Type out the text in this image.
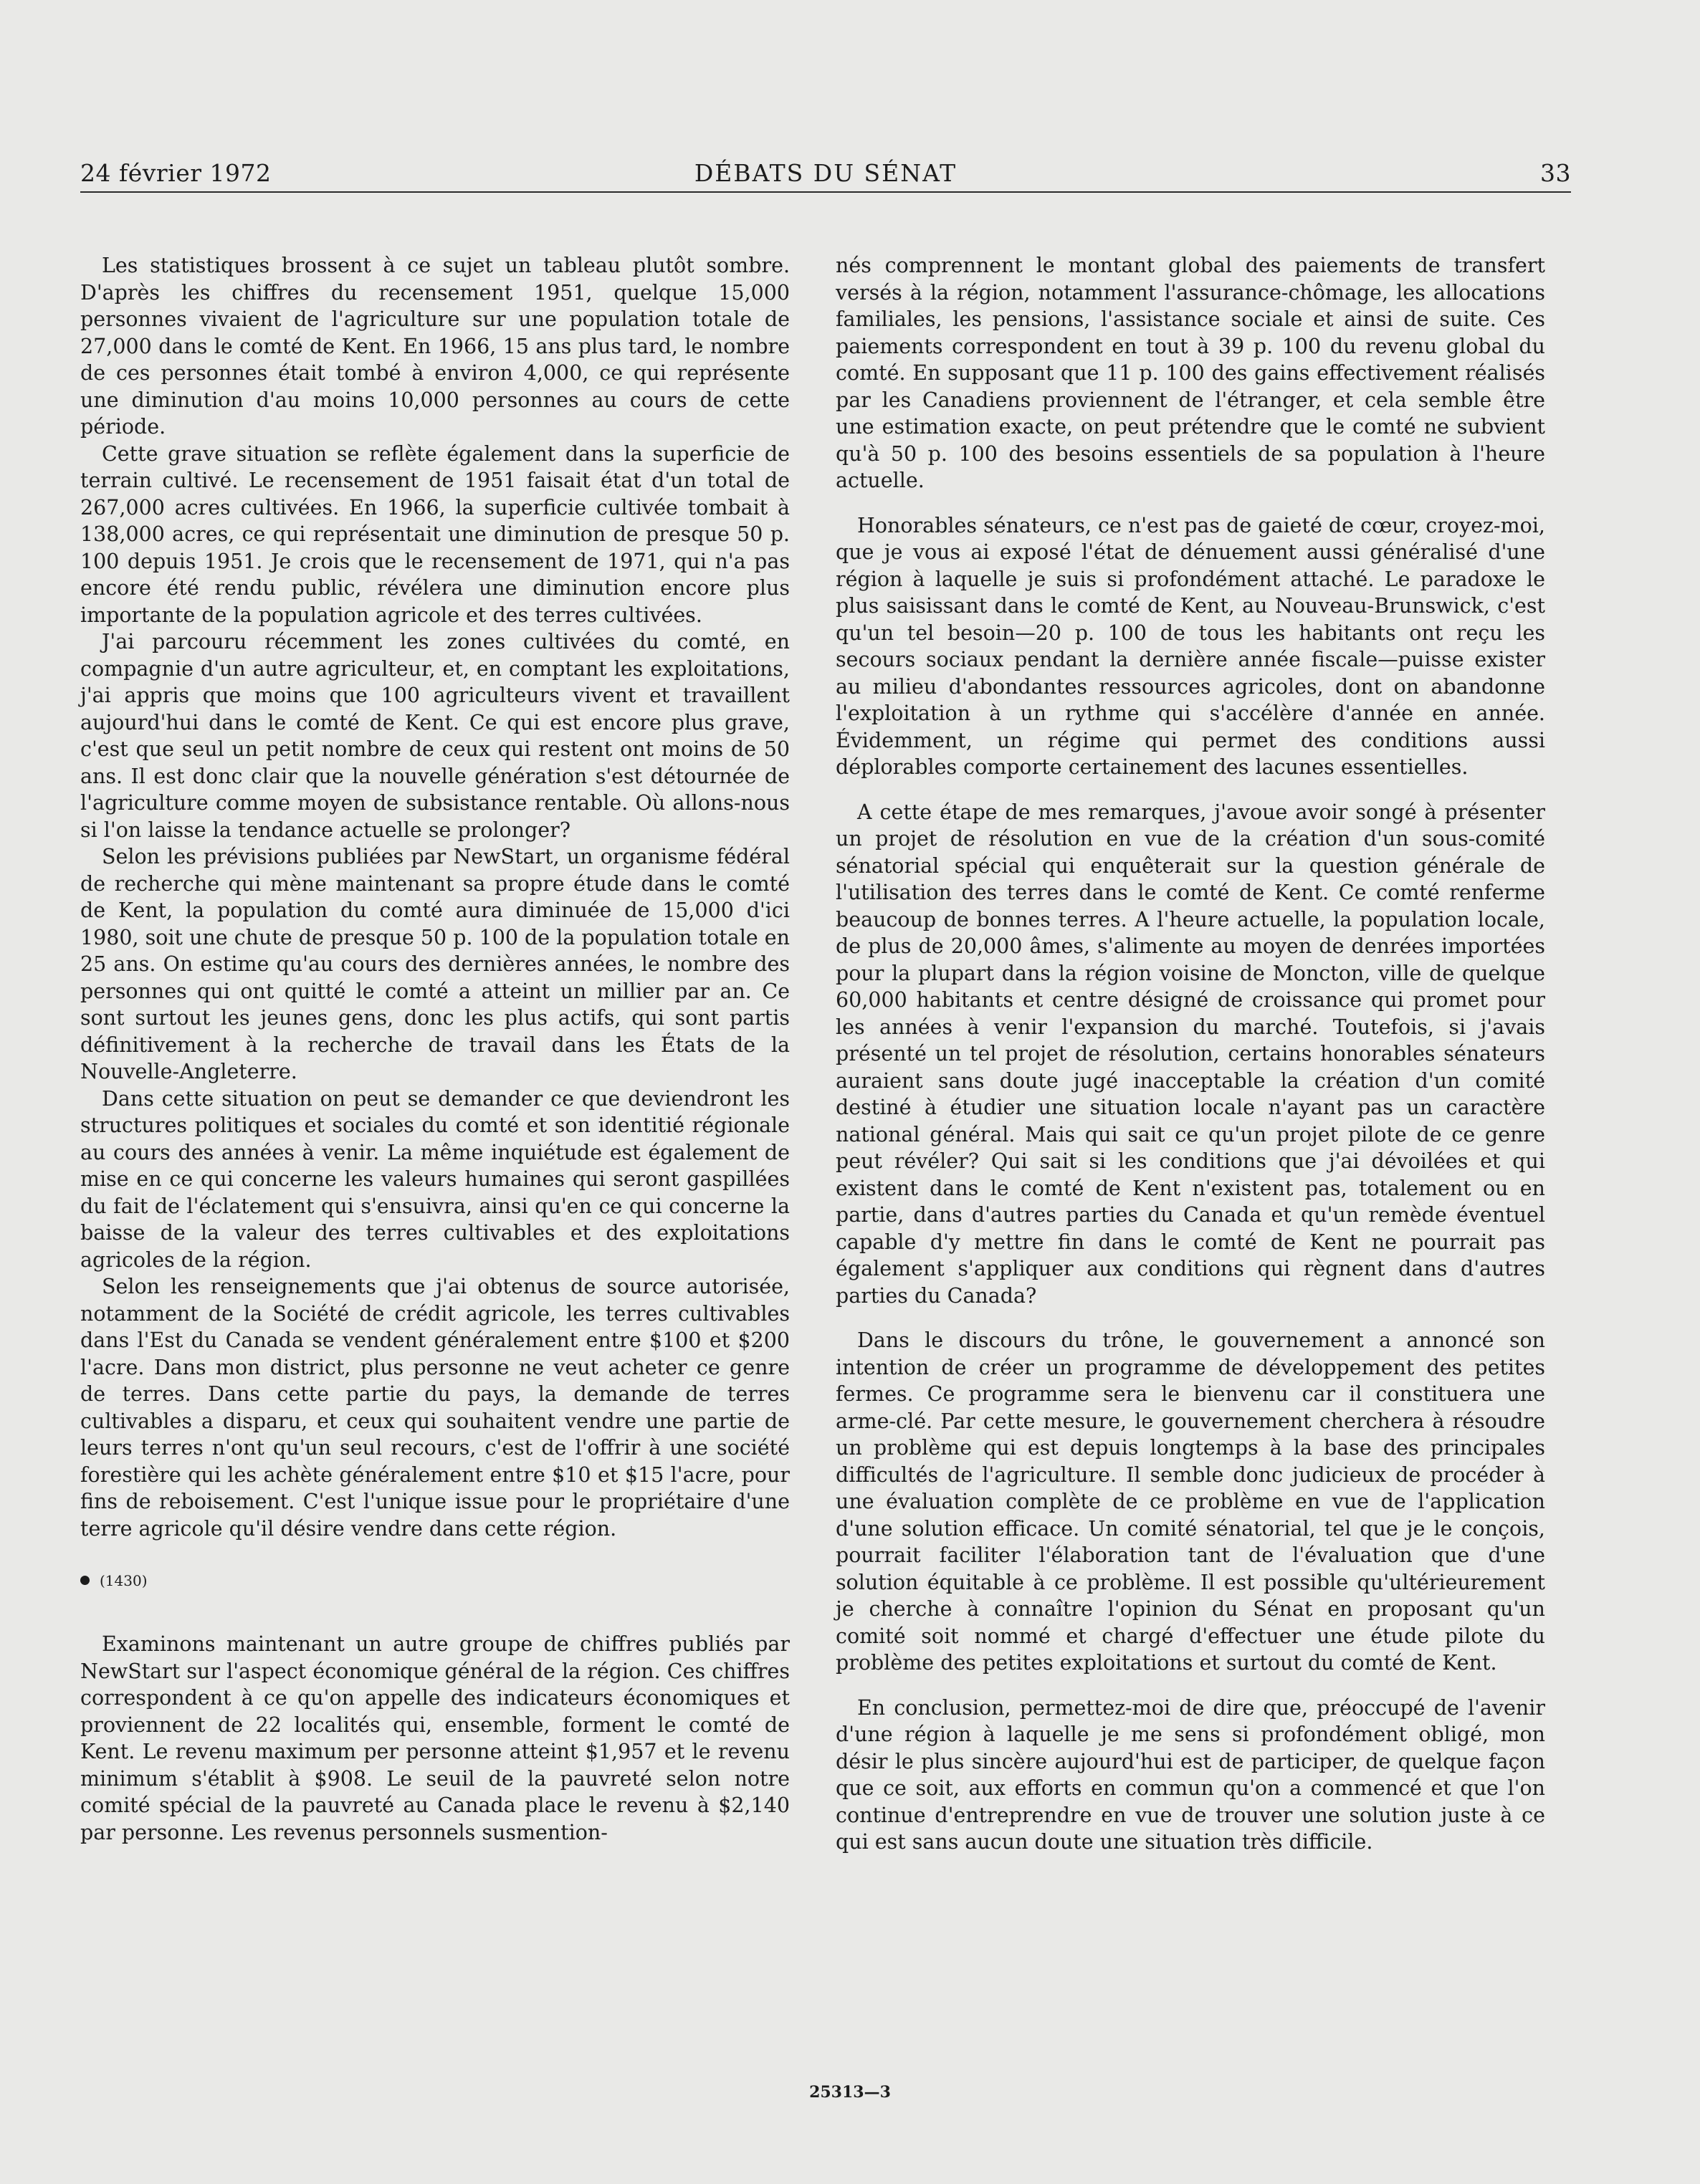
24 février 1972	DÉBATS DU SÉNAT	33

Les statistiques brossent à ce sujet un tableau plutôt sombre. D'après les chiffres du recensement 1951, quelque 15,000 personnes vivaient de l'agriculture sur une population totale de 27,000 dans le comté de Kent. En 1966, 15 ans plus tard, le nombre de ces personnes était tombé à environ 4,000, ce qui représente une diminution d'au moins 10,000 personnes au cours de cette période.

Cette grave situation se reflète également dans la superficie de terrain cultivé. Le recensement de 1951 faisait état d'un total de 267,000 acres cultivées. En 1966, la superficie cultivée tombait à 138,000 acres, ce qui représentait une diminution de presque 50 p. 100 depuis 1951. Je crois que le recensement de 1971, qui n'a pas encore été rendu public, révélera une diminution encore plus importante de la population agricole et des terres cultivées.

J'ai parcouru récemment les zones cultivées du comté, en compagnie d'un autre agriculteur, et, en comptant les exploitations, j'ai appris que moins que 100 agriculteurs vivent et travaillent aujourd'hui dans le comté de Kent. Ce qui est encore plus grave, c'est que seul un petit nombre de ceux qui restent ont moins de 50 ans. Il est donc clair que la nouvelle génération s'est détournée de l'agriculture comme moyen de subsistance rentable. Où allons-nous si l'on laisse la tendance actuelle se prolonger?

Selon les prévisions publiées par NewStart, un organisme fédéral de recherche qui mène maintenant sa propre étude dans le comté de Kent, la population du comté aura diminuée de 15,000 d'ici 1980, soit une chute de presque 50 p. 100 de la population totale en 25 ans. On estime qu'au cours des dernières années, le nombre des personnes qui ont quitté le comté a atteint un millier par an. Ce sont surtout les jeunes gens, donc les plus actifs, qui sont partis définitivement à la recherche de travail dans les États de la Nouvelle-Angleterre.

Dans cette situation on peut se demander ce que deviendront les structures politiques et sociales du comté et son identitié régionale au cours des années à venir. La même inquiétude est également de mise en ce qui concerne les valeurs humaines qui seront gaspillées du fait de l'éclatement qui s'ensuivra, ainsi qu'en ce qui concerne la baisse de la valeur des terres cultivables et des exploitations agricoles de la région.

Selon les renseignements que j'ai obtenus de source autorisée, notamment de la Société de crédit agricole, les terres cultivables dans l'Est du Canada se vendent généralement entre $100 et $200 l'acre. Dans mon district, plus personne ne veut acheter ce genre de terres. Dans cette partie du pays, la demande de terres cultivables a disparu, et ceux qui souhaitent vendre une partie de leurs terres n'ont qu'un seul recours, c'est de l'offrir à une société forestière qui les achète généralement entre $10 et $15 l'acre, pour fins de reboisement. C'est l'unique issue pour le propriétaire d'une terre agricole qu'il désire vendre dans cette région.

(1430)

Examinons maintenant un autre groupe de chiffres publiés par NewStart sur l'aspect économique général de la région. Ces chiffres correspondent à ce qu'on appelle des indicateurs économiques et proviennent de 22 localités qui, ensemble, forment le comté de Kent. Le revenu maximum per personne atteint $1,957 et le revenu minimum s'établit à $908. Le seuil de la pauvreté selon notre comité spécial de la pauvreté au Canada place le revenu à $2,140 par personne. Les revenus personnels susmention-

nés comprennent le montant global des paiements de transfert versés à la région, notamment l'assurance-chômage, les allocations familiales, les pensions, l'assistance sociale et ainsi de suite. Ces paiements correspondent en tout à 39 p. 100 du revenu global du comté. En supposant que 11 p. 100 des gains effectivement réalisés par les Canadiens proviennent de l'étranger, et cela semble être une estimation exacte, on peut prétendre que le comté ne subvient qu'à 50 p. 100 des besoins essentiels de sa population à l'heure actuelle.

Honorables sénateurs, ce n'est pas de gaieté de cœur, croyez-moi, que je vous ai exposé l'état de dénuement aussi généralisé d'une région à laquelle je suis si profondément attaché. Le paradoxe le plus saisissant dans le comté de Kent, au Nouveau-Brunswick, c'est qu'un tel besoin—20 p. 100 de tous les habitants ont reçu les secours sociaux pendant la dernière année fiscale—puisse exister au milieu d'abondantes ressources agricoles, dont on abandonne l'exploitation à un rythme qui s'accélère d'année en année. Évidemment, un régime qui permet des conditions aussi déplorables comporte certainement des lacunes essentielles.

A cette étape de mes remarques, j'avoue avoir songé à présenter un projet de résolution en vue de la création d'un sous-comité sénatorial spécial qui enquêterait sur la question générale de l'utilisation des terres dans le comté de Kent. Ce comté renferme beaucoup de bonnes terres. A l'heure actuelle, la population locale, de plus de 20,000 âmes, s'alimente au moyen de denrées importées pour la plupart dans la région voisine de Moncton, ville de quelque 60,000 habitants et centre désigné de croissance qui promet pour les années à venir l'expansion du marché. Toutefois, si j'avais présenté un tel projet de résolution, certains honorables sénateurs auraient sans doute jugé inacceptable la création d'un comité destiné à étudier une situation locale n'ayant pas un caractère national général. Mais qui sait ce qu'un projet pilote de ce genre peut révéler? Qui sait si les conditions que j'ai dévoilées et qui existent dans le comté de Kent n'existent pas, totalement ou en partie, dans d'autres parties du Canada et qu'un remède éventuel capable d'y mettre fin dans le comté de Kent ne pourrait pas également s'appliquer aux conditions qui règnent dans d'autres parties du Canada?

Dans le discours du trône, le gouvernement a annoncé son intention de créer un programme de développement des petites fermes. Ce programme sera le bienvenu car il constituera une arme-clé. Par cette mesure, le gouvernement cherchera à résoudre un problème qui est depuis longtemps à la base des principales difficultés de l'agriculture. Il semble donc judicieux de procéder à une évaluation complète de ce problème en vue de l'application d'une solution efficace. Un comité sénatorial, tel que je le conçois, pourrait faciliter l'élaboration tant de l'évaluation que d'une solution équitable à ce problème. Il est possible qu'ultérieurement je cherche à connaître l'opinion du Sénat en proposant qu'un comité soit nommé et chargé d'effectuer une étude pilote du problème des petites exploitations et surtout du comté de Kent.

En conclusion, permettez-moi de dire que, préoccupé de l'avenir d'une région à laquelle je me sens si profondément obligé, mon désir le plus sincère aujourd'hui est de participer, de quelque façon que ce soit, aux efforts en commun qu'on a commencé et que l'on continue d'entreprendre en vue de trouver une solution juste à ce qui est sans aucun doute une situation très difficile.

25313—3
